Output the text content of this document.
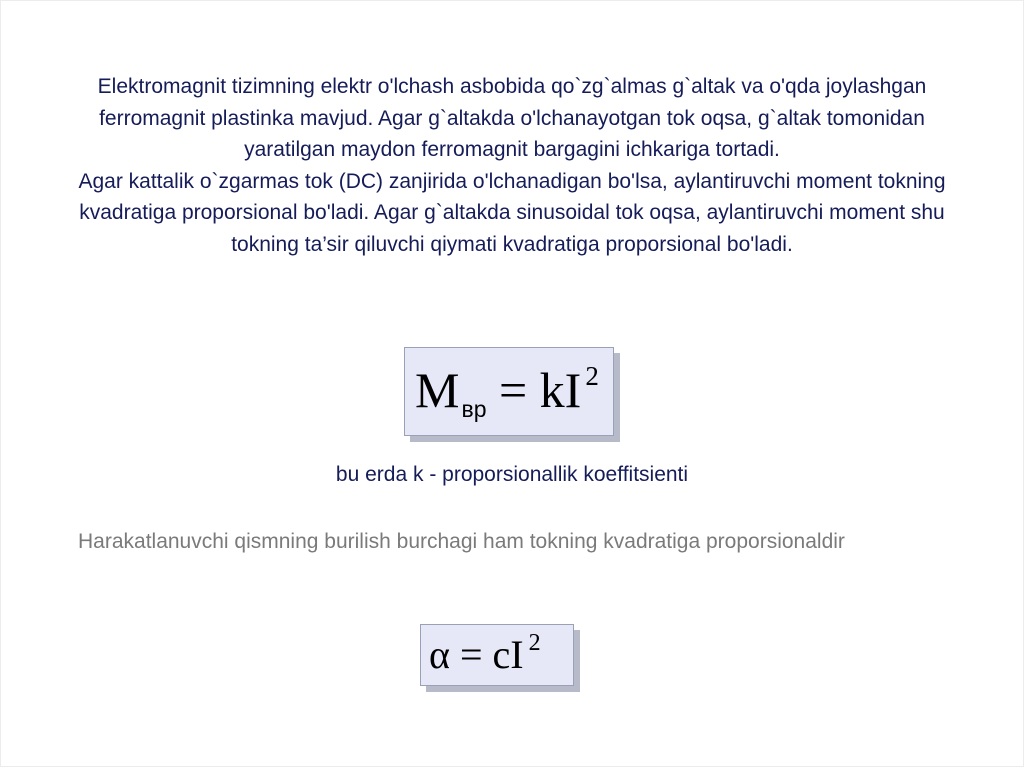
Elektromagnit tizimning elektr o'lchash asbobida qo`zg`almas g`altak va o'qda joylashgan ferromagnit plastinka mavjud. Agar g`altakda o'lchanayotgan tok oqsa, g`altak tomonidan yaratilgan maydon ferromagnit bargagini ichkariga tortadi.

Agar kattalik o`zgarmas tok (DC) zanjirida o'lchanadigan bo'lsa, aylantiruvchi moment tokning kvadratiga proporsional bo'ladi. Agar g`altakda sinusoidal tok oqsa, aylantiruvchi moment shu tokning ta’sir qiluvchi qiymati kvadratiga proporsional bo'ladi.

Mвр = kI 2
bu erda k - proporsionallik koeffitsienti

Harakatlanuvchi qismning burilish burchagi ham tokning kvadratiga proporsionaldir

α = cI 2
